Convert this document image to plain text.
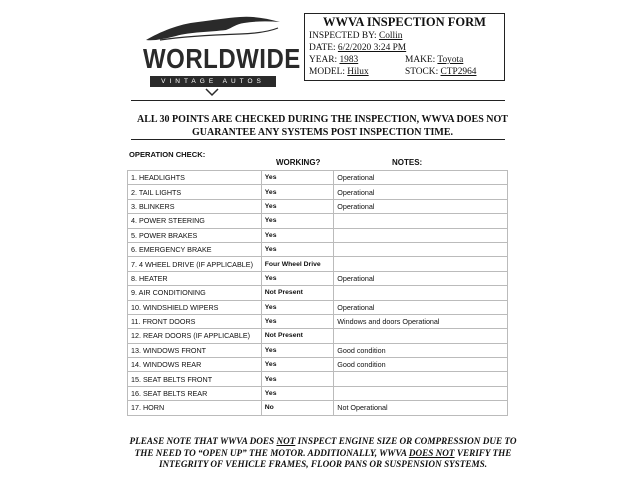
WORLDWIDE
VINTAGE AUTOS
WWVA INSPECTION FORM
INSPECTED BY: Collin
DATE: 6/2/2020 3:24 PM
YEAR: 1983	MAKE: Toyota
MODEL: Hilux	STOCK: CTP2964
ALL 30 POINTS ARE CHECKED DURING THE INSPECTION, WWVA DOES NOT
GUARANTEE ANY SYSTEMS POST INSPECTION TIME.
OPERATION CHECK:
WORKING?	NOTES:
1. HEADLIGHTS	Yes	Operational
2. TAIL LIGHTS	Yes	Operational
3. BLINKERS	Yes	Operational
4. POWER STEERING	Yes	
5. POWER BRAKES	Yes	
6. EMERGENCY BRAKE	Yes	
7. 4 WHEEL DRIVE (IF APPLICABLE)	Four Wheel Drive	
8. HEATER	Yes	Operational
9. AIR CONDITIONING	Not Present	
10. WINDSHIELD WIPERS	Yes	Operational
11. FRONT DOORS	Yes	Windows and doors Operational
12. REAR DOORS (IF APPLICABLE)	Not Present	
13. WINDOWS FRONT	Yes	Good condition
14. WINDOWS REAR	Yes	Good condition
15. SEAT BELTS FRONT	Yes	
16. SEAT BELTS REAR	Yes	
17. HORN	No	Not Operational
PLEASE NOTE THAT WWVA DOES NOT INSPECT ENGINE SIZE OR COMPRESSION DUE TO
THE NEED TO “OPEN UP” THE MOTOR. ADDITIONALLY, WWVA DOES NOT VERIFY THE
INTEGRITY OF VEHICLE FRAMES, FLOOR PANS OR SUSPENSION SYSTEMS.
